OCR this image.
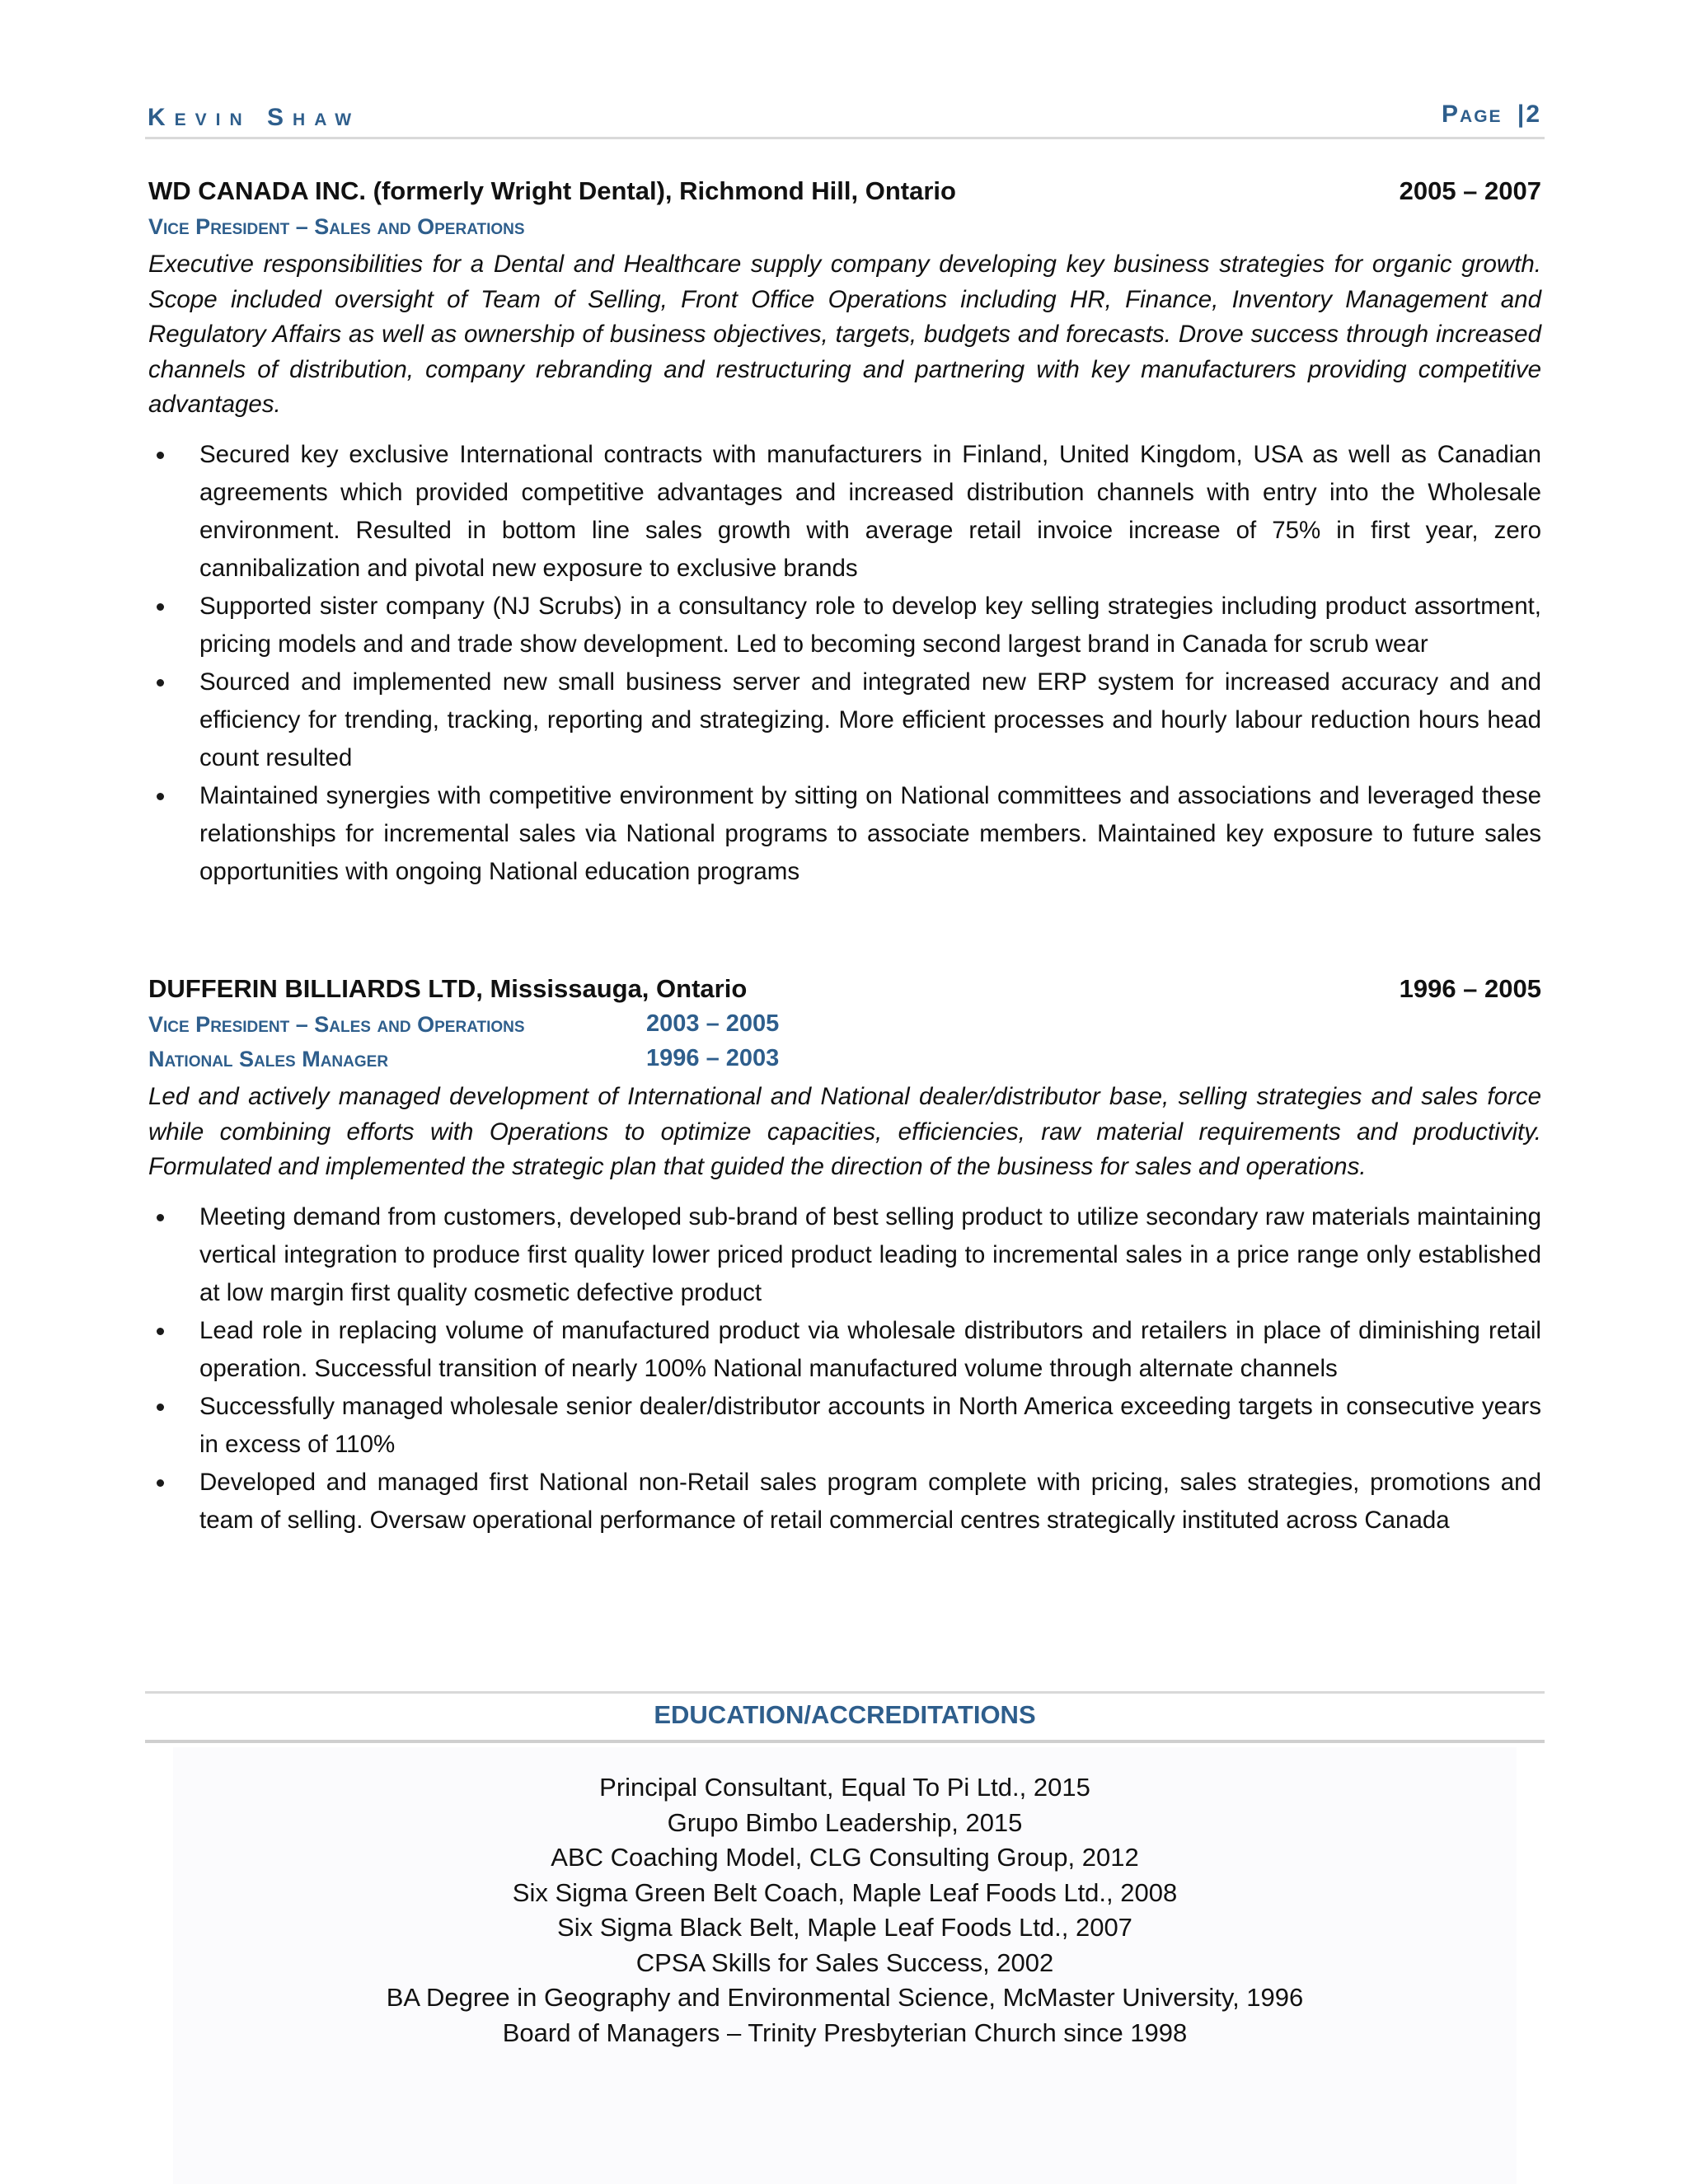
Kevin Shaw	Page |2
WD CANADA INC. (formerly Wright Dental), Richmond Hill, Ontario	2005 – 2007
Vice President – Sales and Operations
Executive responsibilities for a Dental and Healthcare supply company developing key business strategies for organic growth. Scope included oversight of Team of Selling, Front Office Operations including HR, Finance, Inventory Management and Regulatory Affairs as well as ownership of business objectives, targets, budgets and forecasts. Drove success through increased channels of distribution, company rebranding and restructuring and partnering with key manufacturers providing competitive advantages.
Secured key exclusive International contracts with manufacturers in Finland, United Kingdom, USA as well as Canadian agreements which provided competitive advantages and increased distribution channels with entry into the Wholesale environment. Resulted in bottom line sales growth with average retail invoice increase of 75% in first year, zero cannibalization and pivotal new exposure to exclusive brands
Supported sister company (NJ Scrubs) in a consultancy role to develop key selling strategies including product assortment, pricing models and and trade show development. Led to becoming second largest brand in Canada for scrub wear
Sourced and implemented new small business server and integrated new ERP system for increased accuracy and and efficiency for trending, tracking, reporting and strategizing. More efficient processes and hourly labour reduction hours head count resulted
Maintained synergies with competitive environment by sitting on National committees and associations and leveraged these relationships for incremental sales via National programs to associate members. Maintained key exposure to future sales opportunities with ongoing National education programs
DUFFERIN BILLIARDS LTD, Mississauga, Ontario	1996 – 2005
Vice President – Sales and Operations	2003 – 2005
National Sales Manager	1996 – 2003
Led and actively managed development of International and National dealer/distributor base, selling strategies and sales force while combining efforts with Operations to optimize capacities, efficiencies, raw material requirements and productivity. Formulated and implemented the strategic plan that guided the direction of the business for sales and operations.
Meeting demand from customers, developed sub-brand of best selling product to utilize secondary raw materials maintaining vertical integration to produce first quality lower priced product leading to incremental sales in a price range only established at low margin first quality cosmetic defective product
Lead role in replacing volume of manufactured product via wholesale distributors and retailers in place of diminishing retail operation. Successful transition of nearly 100% National manufactured volume through alternate channels
Successfully managed wholesale senior dealer/distributor accounts in North America exceeding targets in consecutive years in excess of 110%
Developed and managed first National non-Retail sales program complete with pricing, sales strategies, promotions and team of selling. Oversaw operational performance of retail commercial centres strategically instituted across Canada
EDUCATION/ACCREDITATIONS
Principal Consultant, Equal To Pi Ltd., 2015
Grupo Bimbo Leadership, 2015
ABC Coaching Model, CLG Consulting Group, 2012
Six Sigma Green Belt Coach, Maple Leaf Foods Ltd., 2008
Six Sigma Black Belt, Maple Leaf Foods Ltd., 2007
CPSA Skills for Sales Success, 2002
BA Degree in Geography and Environmental Science, McMaster University, 1996
Board of Managers – Trinity Presbyterian Church since 1998
